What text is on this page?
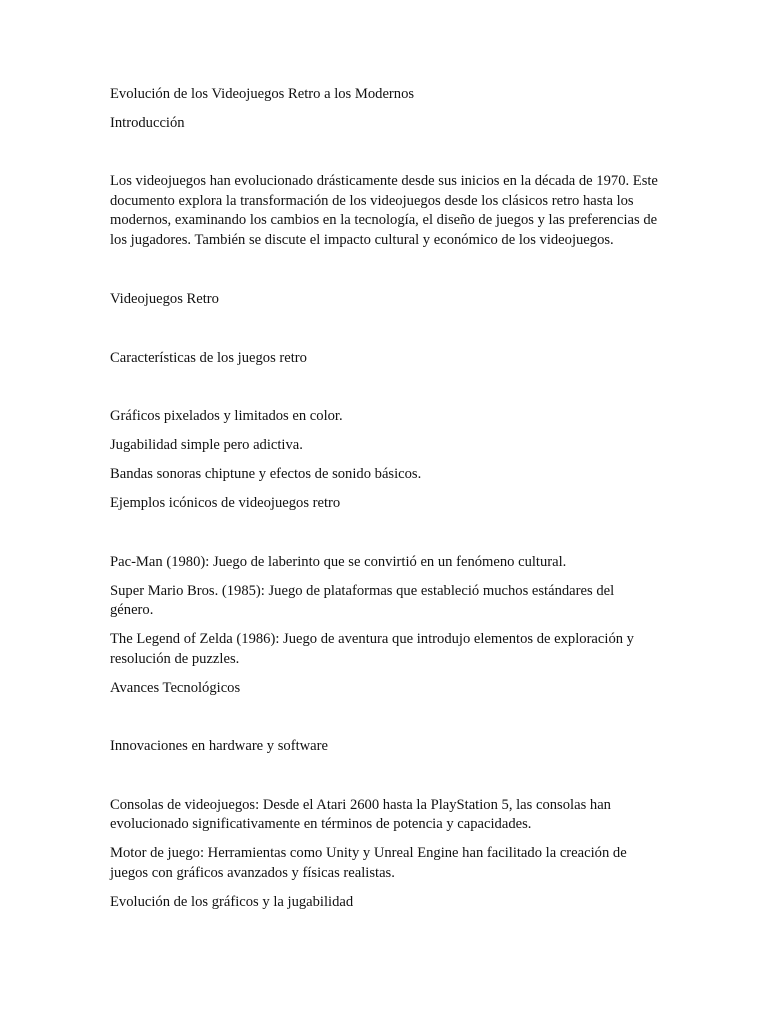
Evolución de los Videojuegos Retro a los Modernos

Introducción

Los videojuegos han evolucionado drásticamente desde sus inicios en la década de 1970. Este documento explora la transformación de los videojuegos desde los clásicos retro hasta los modernos, examinando los cambios en la tecnología, el diseño de juegos y las preferencias de los jugadores. También se discute el impacto cultural y económico de los videojuegos.

Videojuegos Retro

Características de los juegos retro

Gráficos pixelados y limitados en color.

Jugabilidad simple pero adictiva.

Bandas sonoras chiptune y efectos de sonido básicos.

Ejemplos icónicos de videojuegos retro

Pac-Man (1980): Juego de laberinto que se convirtió en un fenómeno cultural.

Super Mario Bros. (1985): Juego de plataformas que estableció muchos estándares del género.

The Legend of Zelda (1986): Juego de aventura que introdujo elementos de exploración y resolución de puzzles.

Avances Tecnológicos

Innovaciones en hardware y software

Consolas de videojuegos: Desde el Atari 2600 hasta la PlayStation 5, las consolas han evolucionado significativamente en términos de potencia y capacidades.

Motor de juego: Herramientas como Unity y Unreal Engine han facilitado la creación de juegos con gráficos avanzados y físicas realistas.

Evolución de los gráficos y la jugabilidad
